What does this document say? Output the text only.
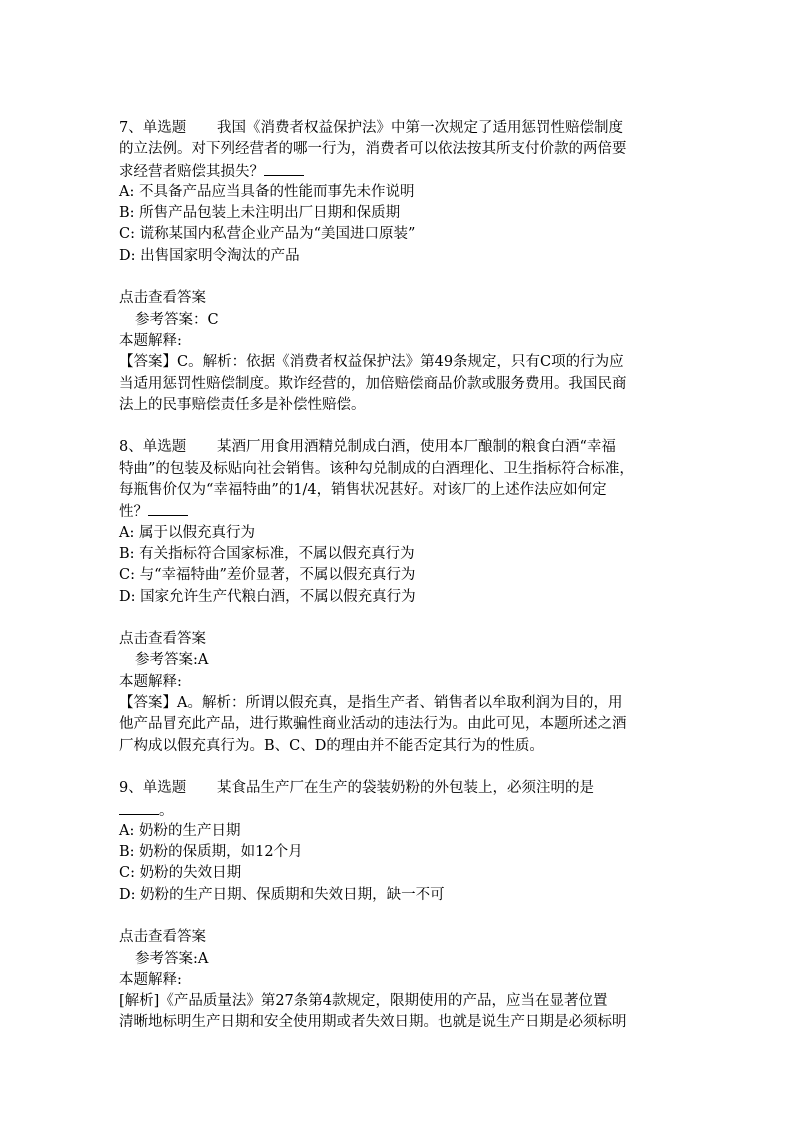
7、单选题 我国《消费者权益保护法》中第一次规定了适用惩罚性赔偿制度
的立法例。对下列经营者的哪一行为，消费者可以依法按其所支付价款的两倍要
求经营者赔偿其损失？
A: 不具备产品应当具备的性能而事先未作说明
B: 所售产品包装上未注明出厂日期和保质期
C: 谎称某国内私营企业产品为“美国进口原装”
D: 出售国家明令淘汰的产品
点击查看答案
参考答案：C
本题解释:
【答案】C。解析：依据《消费者权益保护法》第49条规定，只有C项的行为应
当适用惩罚性赔偿制度。欺诈经营的，加倍赔偿商品价款或服务费用。我国民商
法上的民事赔偿责任多是补偿性赔偿。
8、单选题 某酒厂用食用酒精兑制成白酒，使用本厂酿制的粮食白酒“幸福
特曲”的包装及标贴向社会销售。该种勾兑制成的白酒理化、卫生指标符合标准，
每瓶售价仅为“幸福特曲”的1/4，销售状况甚好。对该厂的上述作法应如何定
性？
A: 属于以假充真行为
B: 有关指标符合国家标准，不属以假充真行为
C: 与“幸福特曲”差价显著，不属以假充真行为
D: 国家允许生产代粮白酒，不属以假充真行为
点击查看答案
参考答案:A
本题解释:
【答案】A。解析：所谓以假充真，是指生产者、销售者以牟取利润为目的，用
他产品冒充此产品，进行欺骗性商业活动的违法行为。由此可见，本题所述之酒
厂构成以假充真行为。B、C、D的理由并不能否定其行为的性质。
9、单选题 某食品生产厂在生产的袋装奶粉的外包装上，必须注明的是
。
A: 奶粉的生产日期
B: 奶粉的保质期，如12个月
C: 奶粉的失效日期
D: 奶粉的生产日期、保质期和失效日期，缺一不可
点击查看答案
参考答案:A
本题解释:
[解析]《产品质量法》第27条第4款规定，限期使用的产品，应当在显著位置
清晰地标明生产日期和安全使用期或者失效日期。也就是说生产日期是必须标明
